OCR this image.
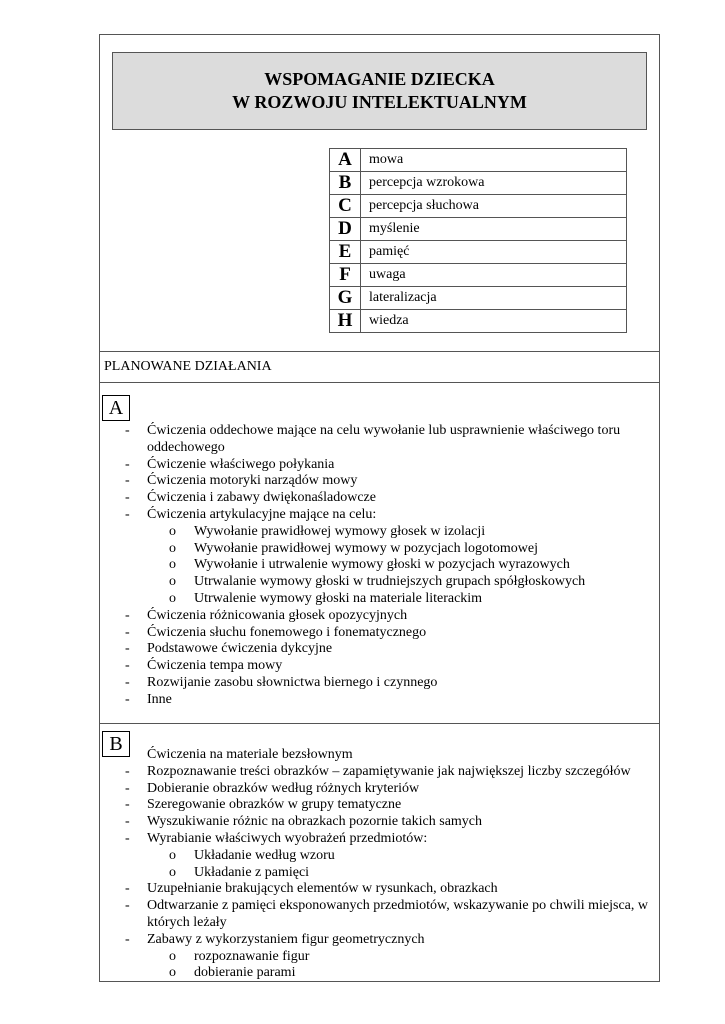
WSPOMAGANIE DZIECKA
W ROZWOJU INTELEKTUALNYM
A	mowa
B	percepcja wzrokowa
C	percepcja słuchowa
D	myślenie
E	pamięć
F	uwaga
G	lateralizacja
H	wiedza
PLANOWANE DZIAŁANIA
A
- Ćwiczenia oddechowe mające na celu wywołanie lub usprawnienie właściwego toru oddechowego
- Ćwiczenie właściwego połykania
- Ćwiczenia motoryki narządów mowy
- Ćwiczenia i zabawy dwiękonaśladowcze
- Ćwiczenia artykulacyjne mające na celu:
o Wywołanie prawidłowej wymowy głosek w izolacji
o Wywołanie prawidłowej wymowy w pozycjach logotomowej
o Wywołanie i utrwalenie wymowy głoski w pozycjach wyrazowych
o Utrwalanie wymowy głoski w trudniejszych grupach spółgłoskowych
o Utrwalenie wymowy głoski na materiale literackim
- Ćwiczenia różnicowania głosek opozycyjnych
- Ćwiczenia słuchu fonemowego i fonematycznego
- Podstawowe ćwiczenia dykcyjne
- Ćwiczenia tempa mowy
- Rozwijanie zasobu słownictwa biernego i czynnego
- Inne
B	Ćwiczenia na materiale bezsłownym
- Rozpoznawanie treści obrazków – zapamiętywanie jak największej liczby szczegółów
- Dobieranie obrazków według różnych kryteriów
- Szeregowanie obrazków w grupy tematyczne
- Wyszukiwanie różnic na obrazkach pozornie takich samych
- Wyrabianie właściwych wyobrażeń przedmiotów:
o Układanie według wzoru
o Układanie z pamięci
- Uzupełnianie brakujących elementów w rysunkach, obrazkach
- Odtwarzanie z pamięci eksponowanych przedmiotów, wskazywanie po chwili miejsca, w których leżały
- Zabawy z wykorzystaniem figur geometrycznych
o rozpoznawanie figur
o dobieranie parami
